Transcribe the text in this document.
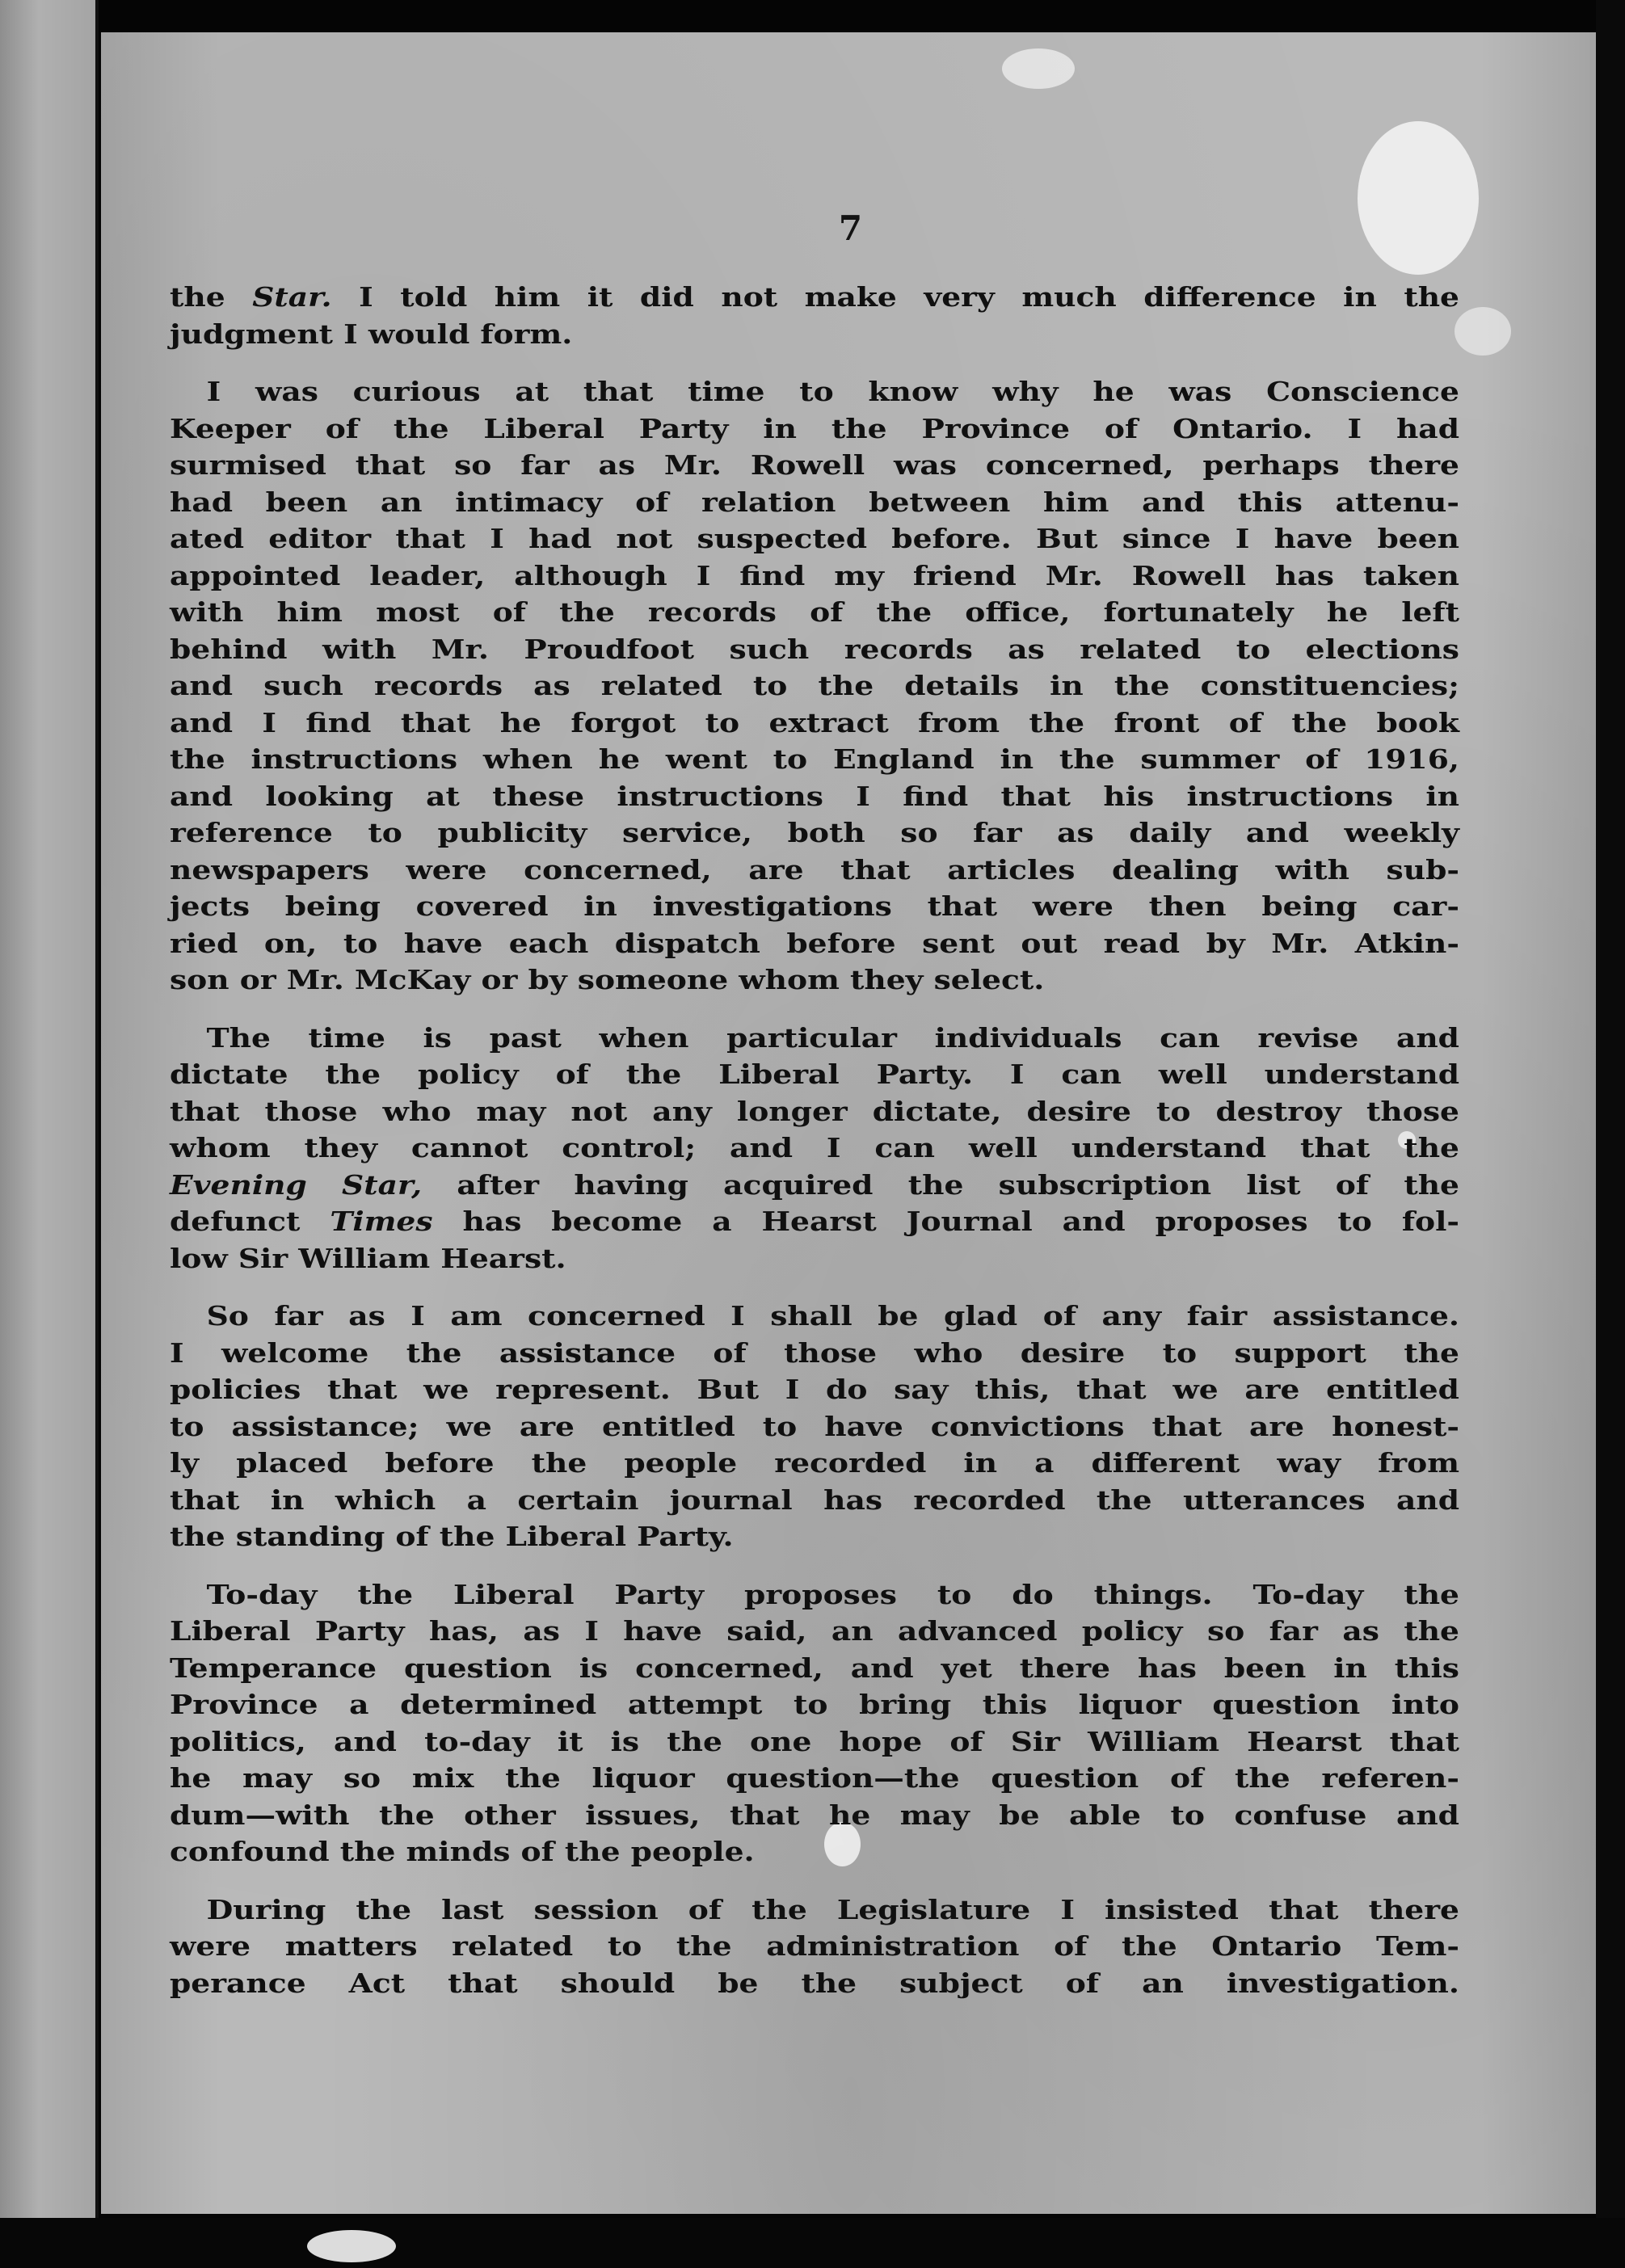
7
the Star. I told him it did not make very much difference in the
judgment I would form.
I was curious at that time to know why he was Conscience
Keeper of the Liberal Party in the Province of Ontario. I had
surmised that so far as Mr. Rowell was concerned, perhaps there
had been an intimacy of relation between him and this attenu-
ated editor that I had not suspected before. But since I have been
appointed leader, although I find my friend Mr. Rowell has taken
with him most of the records of the office, fortunately he left
behind with Mr. Proudfoot such records as related to elections
and such records as related to the details in the constituencies;
and I find that he forgot to extract from the front of the book
the instructions when he went to England in the summer of 1916,
and looking at these instructions I find that his instructions in
reference to publicity service, both so far as daily and weekly
newspapers were concerned, are that articles dealing with sub-
jects being covered in investigations that were then being car-
ried on, to have each dispatch before sent out read by Mr. Atkin-
son or Mr. McKay or by someone whom they select.
The time is past when particular individuals can revise and
dictate the policy of the Liberal Party. I can well understand
that those who may not any longer dictate, desire to destroy those
whom they cannot control; and I can well understand that the
Evening Star, after having acquired the subscription list of the
defunct Times has become a Hearst Journal and proposes to fol-
low Sir William Hearst.
So far as I am concerned I shall be glad of any fair assistance.
I welcome the assistance of those who desire to support the
policies that we represent. But I do say this, that we are entitled
to assistance; we are entitled to have convictions that are honest-
ly placed before the people recorded in a different way from
that in which a certain journal has recorded the utterances and
the standing of the Liberal Party.
To-day the Liberal Party proposes to do things. To-day the
Liberal Party has, as I have said, an advanced policy so far as the
Temperance question is concerned, and yet there has been in this
Province a determined attempt to bring this liquor question into
politics, and to-day it is the one hope of Sir William Hearst that
he may so mix the liquor question—the question of the referen-
dum—with the other issues, that he may be able to confuse and
confound the minds of the people.
During the last session of the Legislature I insisted that there
were matters related to the administration of the Ontario Tem-
perance Act that should be the subject of an investigation.
